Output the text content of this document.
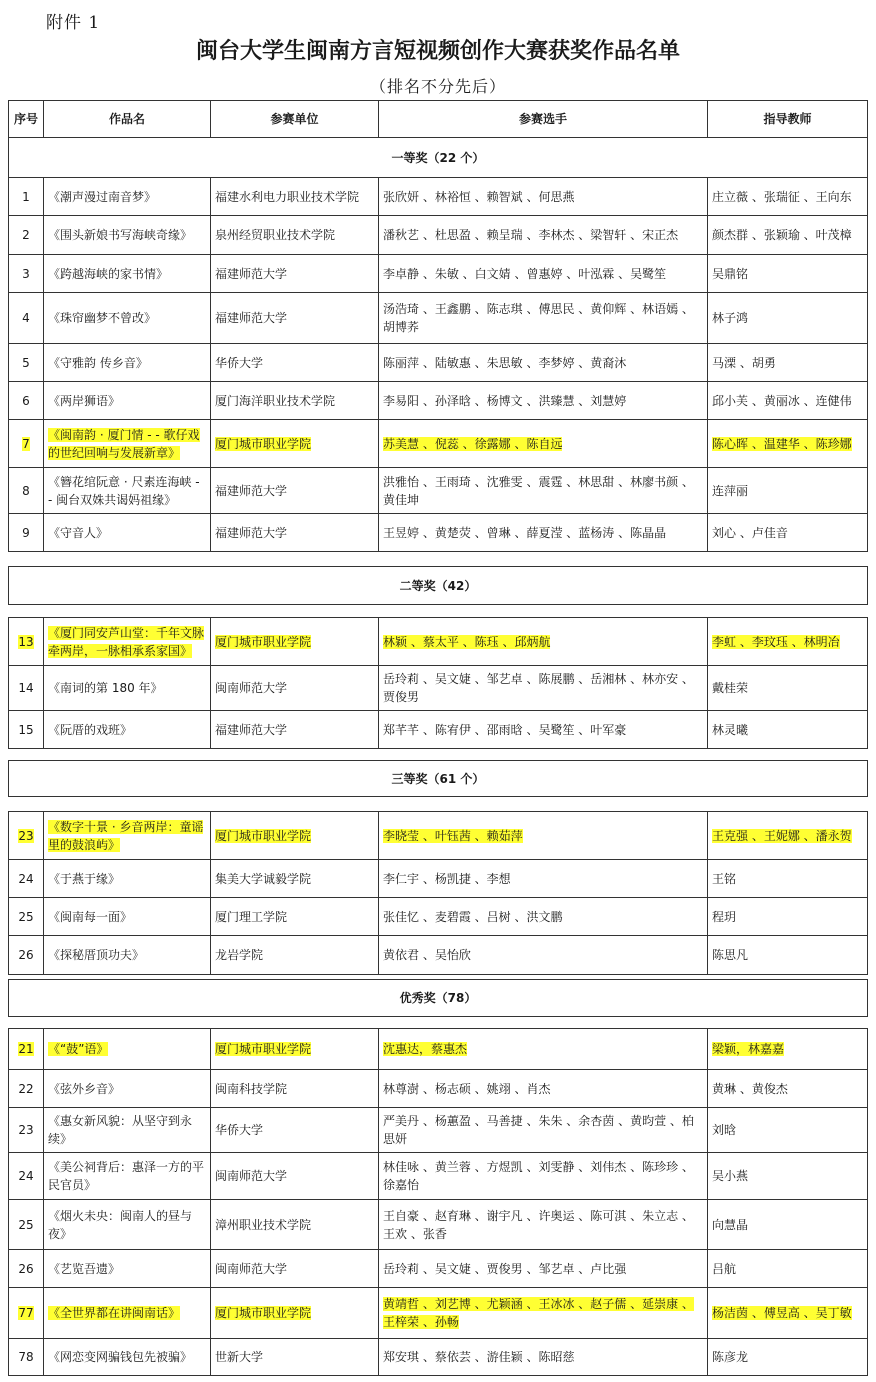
附件 1
闽台大学生闽南方言短视频创作大赛获奖作品名单
（排名不分先后）
序号	作品名	参赛单位	参赛选手	指导教师
一等奖（22 个）				
1	《潮声漫过南音梦》	福建水利电力职业技术学院	张欣妍 、林裕恒 、赖智斌 、何思燕	庄立薇 、张瑞征 、王向东
2	《围头新娘书写海峡奇缘》	泉州经贸职业技术学院	潘秋艺 、杜思盈 、赖呈瑞 、李林杰 、梁智轩 、宋正杰	颜杰群 、张颖瑜 、叶茂樟
3	《跨越海峡的家书情》	福建师范大学	李卓静 、朱敏 、白文婧 、曾惠婷 、叶泓霖 、吴鹭笙	吴鼎铭
4	《珠帘幽梦不曾改》	福建师范大学	汤浩琦 、王鑫鹏 、陈志琪 、傅思民 、黄仰辉 、林语嫣 、胡博荞	林子鸿
5	《守雅韵 传乡音》	华侨大学	陈丽萍 、陆敏惠 、朱思敏 、李梦婷 、黄裔沐	马溧 、胡勇
6	《两岸狮语》	厦门海洋职业技术学院	李易阳 、孙泽晗 、杨博文 、洪臻慧 、刘慧婷	邱小芙 、黄丽冰 、连健伟
7	《闽南韵 · 厦门情 - - 歌仔戏的世纪回响与发展新章》	厦门城市职业学院	苏美慧 、倪蕊 、徐露娜 、陈自远	陈心晖 、温建华 、陈珍娜
8	《簪花绾阮意 · 尺素连海峡 - - 闽台双姝共谒妈祖缘》	福建师范大学	洪雅怡 、王雨琦 、沈雅雯 、震霆 、林思甜 、林廖书颜 、黄佳坤	连萍丽
9	《守音人》	福建师范大学	王昱婷 、黄楚荧 、曾琳 、薛夏滢 、蓝杨涛 、陈晶晶	刘心 、卢佳音
二等奖（42）
13	《厦门同安芦山堂：千年文脉牵两岸，一脉相承系家国》	厦门城市职业学院	林颖 、蔡太平 、陈珏 、邱炳航	李虹 、李玟珏 、林明冶
14	《南词的第 180 年》	闽南师范大学	岳玲莉 、吴文婕 、邹艺卓 、陈展鹏 、岳湘林 、林亦安 、贾俊男	戴桂荣
15	《阮厝的戏班》	福建师范大学	郑芊芊 、陈宥伊 、邵雨晗 、吴鹭笙 、叶军豪	林灵曦
三等奖（61 个）
23	《数字十景 · 乡音两岸：童谣里的鼓浪屿》	厦门城市职业学院	李晓莹 、叶钰茜 、赖茹萍	王克强 、王妮娜 、潘永贺
24	《于燕于缘》	集美大学诚毅学院	李仁宇 、杨凯捷 、李想	王铭
25	《闽南每一面》	厦门理工学院	张佳忆 、麦碧霞 、吕树 、洪文鹏	程玥
26	《探秘厝顶功夫》	龙岩学院	黄依君 、吴怡欣	陈思凡
优秀奖（78）
21	《“鼓”语》	厦门城市职业学院	沈惠达，蔡惠杰	梁颖，林嘉嘉
22	《弦外乡音》	闽南科技学院	林尊澍 、杨志硕 、姚翊 、肖杰	黄琳 、黄俊杰
23	《惠女新风貌：从坚守到永续》	华侨大学	严美丹 、杨蕙盈 、马善捷 、朱朱 、余杏茵 、黄昀萱 、柏思妍	刘晗
24	《美公祠背后：惠泽一方的平民官员》	闽南师范大学	林佳咏 、黄兰蓉 、方煜凯 、刘雯静 、刘伟杰 、陈珍珍 、徐嘉怡	吴小燕
25	《烟火未央：闽南人的昼与夜》	漳州职业技术学院	王自豪 、赵育琳 、谢宇凡 、许奥运 、陈可淇 、朱立志 、王欢 、张香	向慧晶
26	《艺览吾遗》	闽南师范大学	岳玲莉 、吴文婕 、贾俊男 、邹艺卓 、卢比强	吕航
77	《全世界都在讲闽南话》	厦门城市职业学院	黄靖哲 、刘艺博 、尤颖涵 、王冰冰 、赵子儒 、延崇康 、王梓荣 、孙畅	杨洁茵 、傅昱高 、吴丁敏
78	《网恋变网骗钱包先被骗》	世新大学	郑安琪 、蔡依芸 、游佳颖 、陈昭慈	陈彦龙
